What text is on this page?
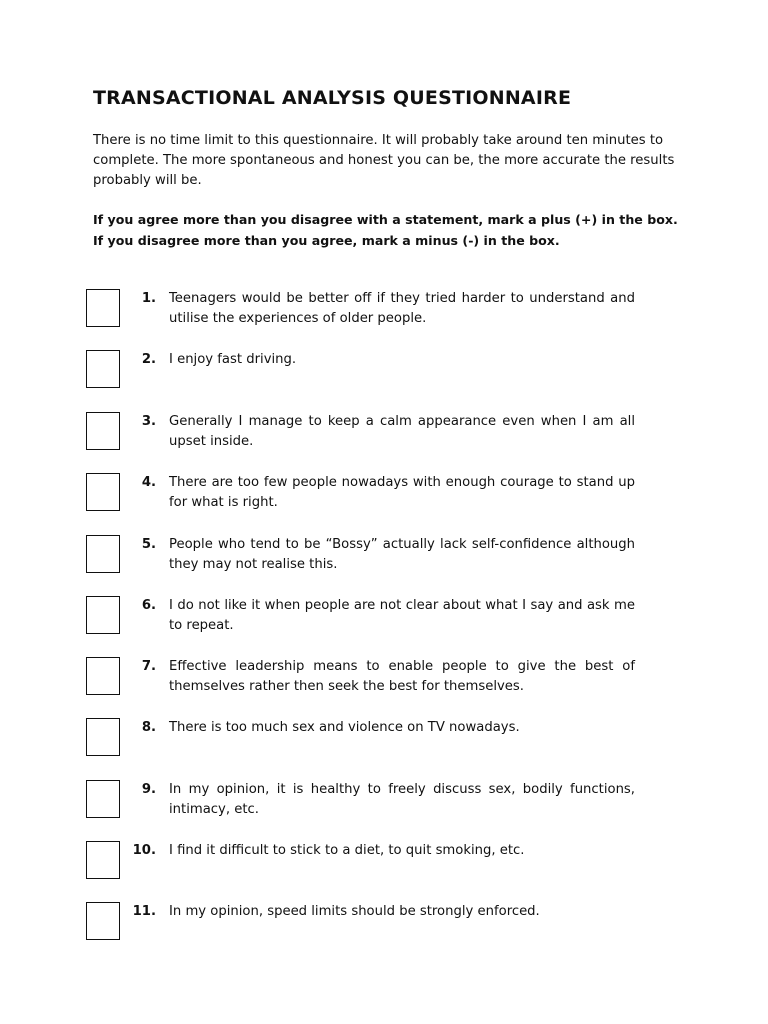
TRANSACTIONAL ANALYSIS QUESTIONNAIRE
There is no time limit to this questionnaire. It will probably take around ten minutes to complete. The more spontaneous and honest you can be, the more accurate the results probably will be.
If you agree more than you disagree with a statement, mark a plus (+) in the box.
If you disagree more than you agree, mark a minus (-) in the box.
1. Teenagers would be better off if they tried harder to understand and utilise the experiences of older people.
2. I enjoy fast driving.
3. Generally I manage to keep a calm appearance even when I am all upset inside.
4. There are too few people nowadays with enough courage to stand up for what is right.
5. People who tend to be “Bossy” actually lack self-confidence although they may not realise this.
6. I do not like it when people are not clear about what I say and ask me to repeat.
7. Effective leadership means to enable people to give the best of themselves rather then seek the best for themselves.
8. There is too much sex and violence on TV nowadays.
9. In my opinion, it is healthy to freely discuss sex, bodily functions, intimacy, etc.
10. I find it difficult to stick to a diet, to quit smoking, etc.
11. In my opinion, speed limits should be strongly enforced.
